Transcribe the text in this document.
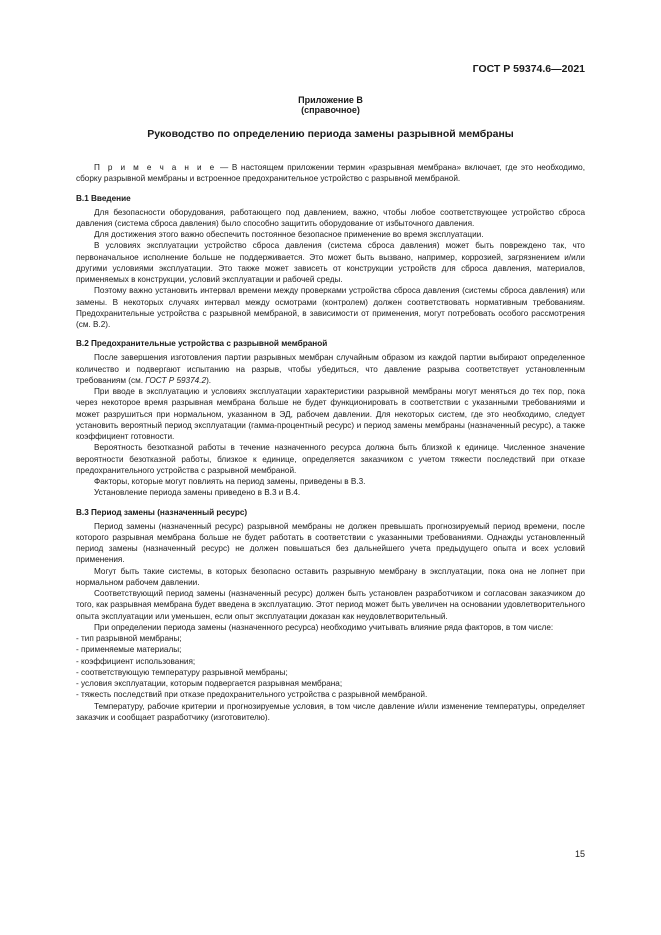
ГОСТ Р 59374.6—2021
Приложение В
(справочное)
Руководство по определению периода замены разрывной мембраны

П р и м е ч а н и е — В настоящем приложении термин «разрывная мембрана» включает, где это необходимо, сборку разрывной мембраны и встроенное предохранительное устройство с разрывной мембраной.

В.1 Введение

Для безопасности оборудования, работающего под давлением, важно, чтобы любое соответствующее устройство сброса давления (система сброса давления) было способно защитить оборудование от избыточного давления.

Для достижения этого важно обеспечить постоянное безопасное применение во время эксплуатации.

В условиях эксплуатации устройство сброса давления (система сброса давления) может быть повреждено так, что первоначальное исполнение больше не поддерживается. Это может быть вызвано, например, коррозией, загрязнением и/или другими условиями эксплуатации. Это также может зависеть от конструкции устройств для сброса давления, материалов, применяемых в конструкции, условий эксплуатации и рабочей среды.

Поэтому важно установить интервал времени между проверками устройства сброса давления (системы сброса давления) или замены. В некоторых случаях интервал между осмотрами (контролем) должен соответствовать нормативным требованиям. Предохранительные устройства с разрывной мембраной, в зависимости от применения, могут потребовать особого рассмотрения (см. В.2).

В.2 Предохранительные устройства с разрывной мембраной

После завершения изготовления партии разрывных мембран случайным образом из каждой партии выбирают определенное количество и подвергают испытанию на разрыв, чтобы убедиться, что давление разрыва соответствует установленным требованиям (см. ГОСТ Р 59374.2).

При вводе в эксплуатацию и условиях эксплуатации характеристики разрывной мембраны могут меняться до тех пор, пока через некоторое время разрывная мембрана больше не будет функционировать в соответствии с указанными требованиями и может разрушиться при нормальном, указанном в ЭД, рабочем давлении. Для некоторых систем, где это необходимо, следует установить вероятный период эксплуатации (гамма-процентный ресурс) и период замены мембраны (назначенный ресурс), а также коэффициент готовности.

Вероятность безотказной работы в течение назначенного ресурса должна быть близкой к единице. Численное значение вероятности безотказной работы, близкое к единице, определяется заказчиком с учетом тяжести последствий при отказе предохранительного устройства с разрывной мембраной.

Факторы, которые могут повлиять на период замены, приведены в В.3.

Установление периода замены приведено в В.3 и В.4.

В.3 Период замены (назначенный ресурс)

Период замены (назначенный ресурс) разрывной мембраны не должен превышать прогнозируемый период времени, после которого разрывная мембрана больше не будет работать в соответствии с указанными требованиями. Однажды установленный период замены (назначенный ресурс) не должен повышаться без дальнейшего учета предыдущего опыта и всех условий применения.

Могут быть такие системы, в которых безопасно оставить разрывную мембрану в эксплуатации, пока она не лопнет при нормальном рабочем давлении.

Соответствующий период замены (назначенный ресурс) должен быть установлен разработчиком и согласован заказчиком до того, как разрывная мембрана будет введена в эксплуатацию. Этот период может быть увеличен на основании удовлетворительного опыта эксплуатации или уменьшен, если опыт эксплуатации доказан как неудовлетворительный.

При определении периода замены (назначенного ресурса) необходимо учитывать влияние ряда факторов, в том числе:

- тип разрывной мембраны;
- применяемые материалы;
- коэффициент использования;
- соответствующую температуру разрывной мембраны;
- условия эксплуатации, которым подвергается разрывная мембрана;
- тяжесть последствий при отказе предохранительного устройства с разрывной мембраной.

Температуру, рабочие критерии и прогнозируемые условия, в том числе давление и/или изменение температуры, определяет заказчик и сообщает разработчику (изготовителю).

15
